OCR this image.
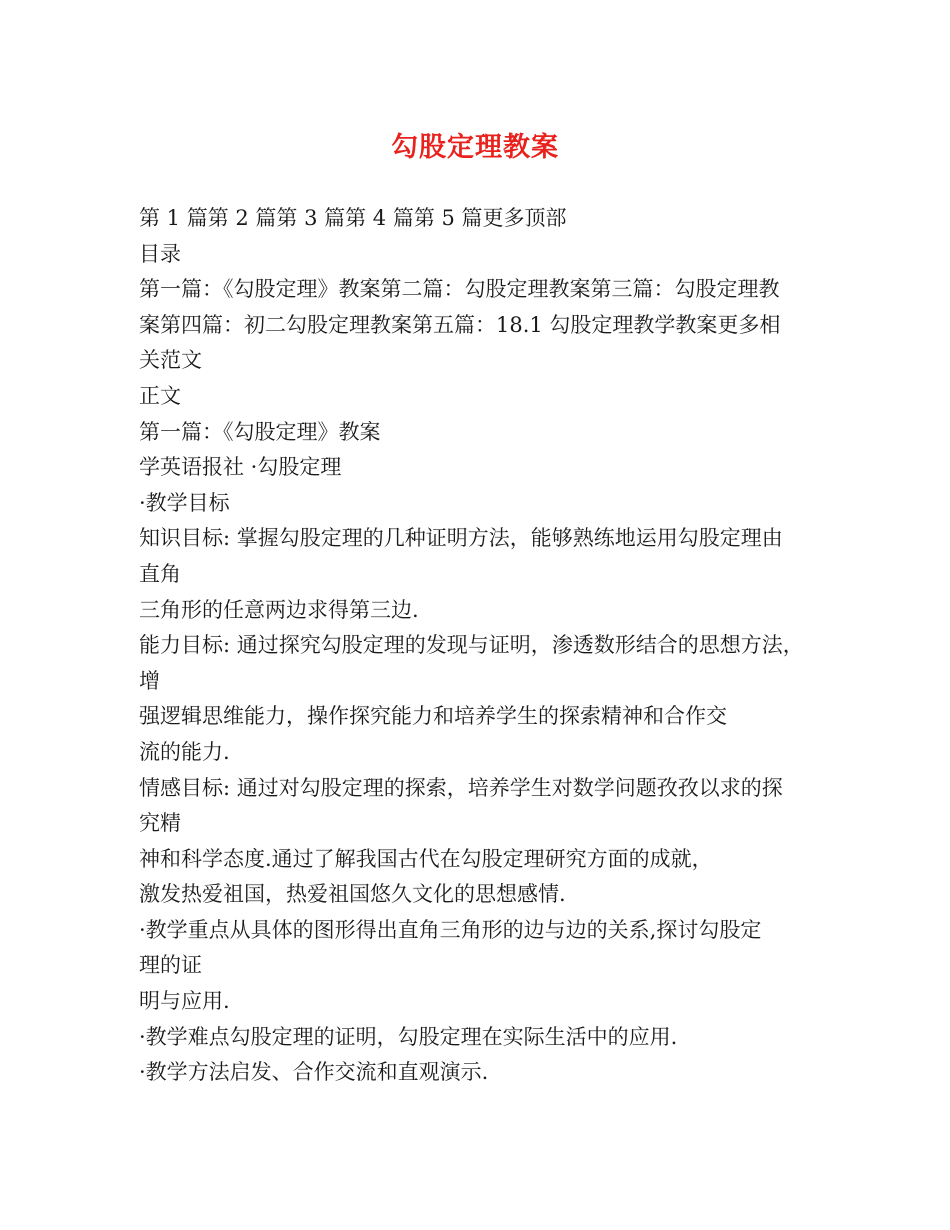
勾股定理教案
第 1 篇第 2 篇第 3 篇第 4 篇第 5 篇更多顶部
目录
第一篇：《勾股定理》教案第二篇：勾股定理教案第三篇：勾股定理教
案第四篇：初二勾股定理教案第五篇：18.1 勾股定理教学教案更多相
关范文
正文
第一篇：《勾股定理》教案
学英语报社 ·勾股定理
·教学目标
知识目标: 掌握勾股定理的几种证明方法，能够熟练地运用勾股定理由
直角
三角形的任意两边求得第三边.
能力目标: 通过探究勾股定理的发现与证明，渗透数形结合的思想方法，
增
强逻辑思维能力，操作探究能力和培养学生的探索精神和合作交
流的能力.
情感目标: 通过对勾股定理的探索，培养学生对数学问题孜孜以求的探
究精
神和科学态度.通过了解我国古代在勾股定理研究方面的成就，
激发热爱祖国，热爱祖国悠久文化的思想感情.
·教学重点从具体的图形得出直角三角形的边与边的关系,探讨勾股定
理的证
明与应用.
·教学难点勾股定理的证明，勾股定理在实际生活中的应用.
·教学方法启发、合作交流和直观演示.
